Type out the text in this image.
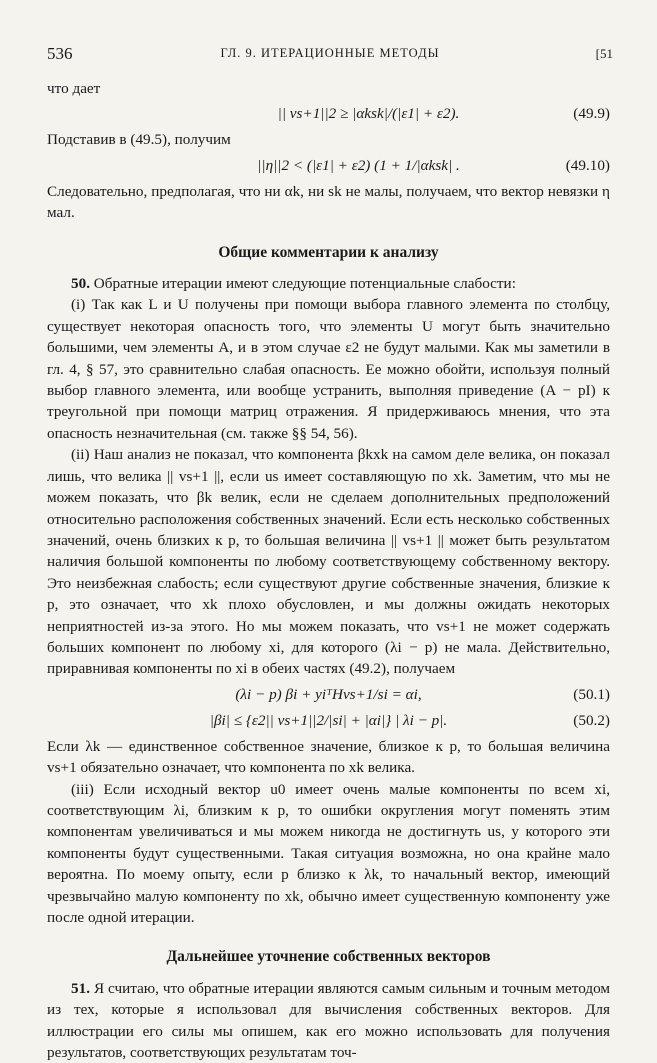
536	ГЛ. 9. ИТЕРАЦИОННЫЕ МЕТОДЫ	[51

что дает

|| vs+1||2 ≥ |αksk|/(|ε1| + ε2).	(49.9)

Подставив в (49.5), получим

||η||2 < (|ε1| + ε2) (1 + 1/|αksk| .	(49.10)

Следовательно, предполагая, что ни αk, ни sk не малы, получаем, что вектор невязки η мал.

Общие комментарии к анализу

50. Обратные итерации имеют следующие потенциальные слабости:

(i) Так как L и U получены при помощи выбора главного элемента по столбцу, существует некоторая опасность того, что элементы U могут быть значительно большими, чем элементы A, и в этом случае ε2 не будут малыми. Как мы заметили в гл. 4, § 57, это сравнительно слабая опасность. Ее можно обойти, используя полный выбор главного элемента, или вообще устранить, выполняя приведение (A − pI) к треугольной при помощи матриц отражения. Я придерживаюсь мнения, что эта опасность незначительная (см. также §§ 54, 56).

(ii) Наш анализ не показал, что компонента βkxk на самом деле велика, он показал лишь, что велика || vs+1 ||, если us имеет составляющую по xk. Заметим, что мы не можем показать, что βk велик, если не сделаем дополнительных предположений относительно расположения собственных значений. Если есть несколько собственных значений, очень близких к p, то большая величина || vs+1 || может быть результатом наличия большой компоненты по любому соответствующему собственному вектору. Это неизбежная слабость; если существуют другие собственные значения, близкие к p, это означает, что xk плохо обусловлен, и мы должны ожидать некоторых неприятностей из-за этого. Но мы можем показать, что vs+1 не может содержать больших компонент по любому xi, для которого (λi − p) не мала. Действительно, приравнивая компоненты по xi в обеих частях (49.2), получаем

(λi − p) βi + yiᵀHvs+1/si = αi,	(50.1)
|βi| ≤ {ε2|| vs+1||2/|si| + |αi|} | λi − p|.	(50.2)

Если λk — единственное собственное значение, близкое к p, то большая величина vs+1 обязательно означает, что компонента по xk велика.

(iii) Если исходный вектор u0 имеет очень малые компоненты по всем xi, соответствующим λi, близким к p, то ошибки округления могут поменять этим компонентам увеличиваться и мы можем никогда не достигнуть us, у которого эти компоненты будут существенными. Такая ситуация возможна, но она крайне мало вероятна. По моему опыту, если p близко к λk, то начальный вектор, имеющий чрезвычайно малую компоненту по xk, обычно имеет существенную компоненту уже после одной итерации.

Дальнейшее уточнение собственных векторов

51. Я считаю, что обратные итерации являются самым сильным и точным методом из тех, которые я использовал для вычисления собственных векторов. Для иллюстрации его силы мы опишем, как его можно использовать для получения результатов, соответствующих результатам точ-
